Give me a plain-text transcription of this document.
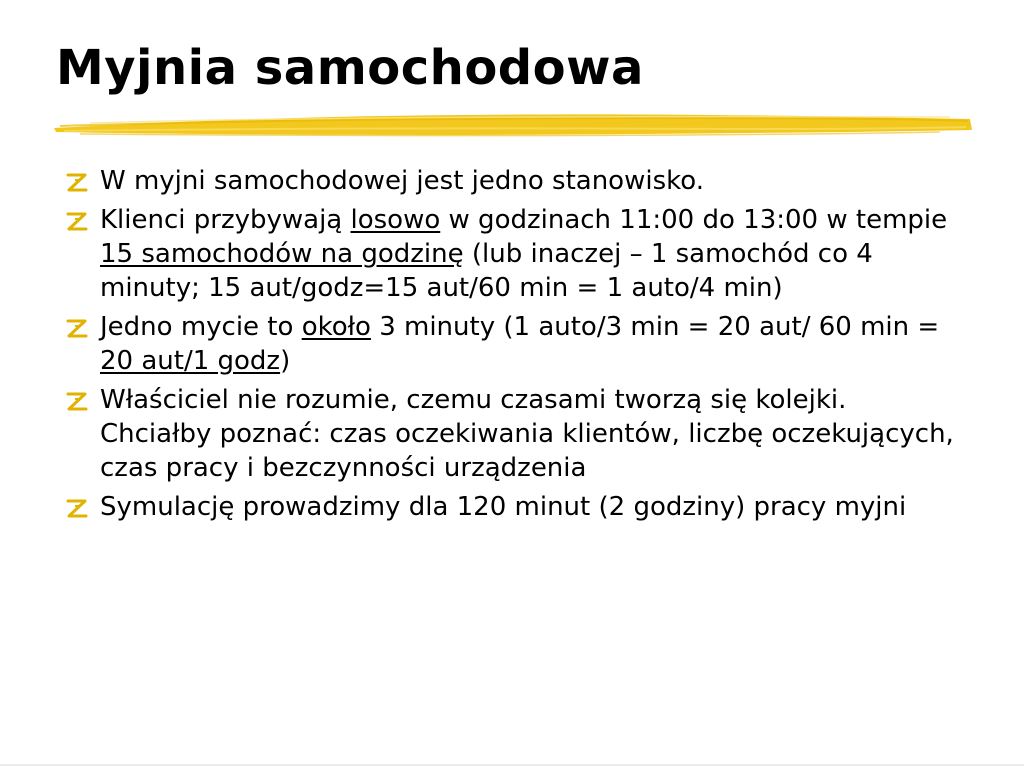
Myjnia samochodowa
W myjni samochodowej jest jedno stanowisko.
Klienci przybywają losowo w godzinach 11:00 do 13:00 w tempie 15 samochodów na godzinę (lub inaczej – 1 samochód co 4 minuty; 15 aut/godz=15 aut/60 min = 1 auto/4 min)
Jedno mycie to około 3 minuty (1 auto/3 min = 20 aut/ 60 min = 20 aut/1 godz)
Właściciel nie rozumie, czemu czasami tworzą się kolejki. Chciałby poznać: czas oczekiwania klientów, liczbę oczekujących, czas pracy i bezczynności urządzenia
Symulację prowadzimy dla 120 minut (2 godziny) pracy myjni
